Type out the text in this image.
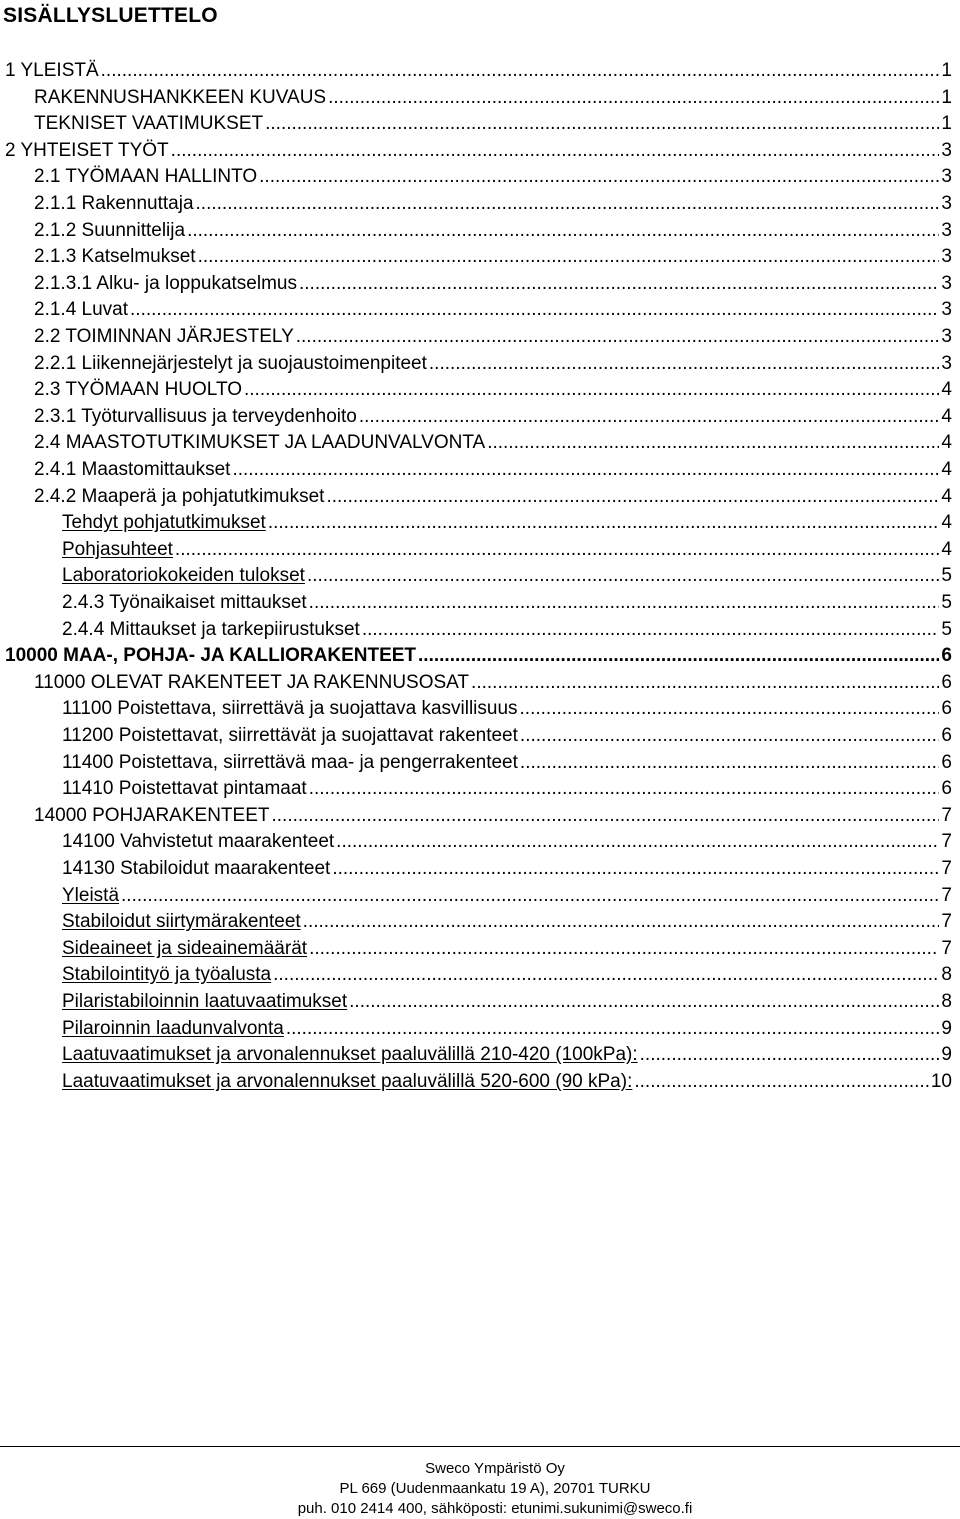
SISÄLLYSLUETTELO
1 YLEISTÄ .....	1
RAKENNUSHANKKEEN KUVAUS .....	1
TEKNISET VAATIMUKSET .....	1
2 YHTEISET TYÖT .....	3
2.1 TYÖMAAN HALLINTO .....	3
2.1.1 Rakennuttaja .....	3
2.1.2 Suunnittelija .....	3
2.1.3 Katselmukset .....	3
2.1.3.1 Alku- ja loppukatselmus .....	3
2.1.4 Luvat .....	3
2.2 TOIMINNAN JÄRJESTELY .....	3
2.2.1 Liikennejärjestelyt ja suojaustoimenpiteet .....	3
2.3 TYÖMAAN HUOLTO .....	4
2.3.1 Työturvallisuus ja terveydenhoito .....	4
2.4 MAASTOTUTKIMUKSET JA LAADUNVALVONTA .....	4
2.4.1 Maastomittaukset .....	4
2.4.2 Maaperä ja pohjatutkimukset .....	4
Tehdyt pohjatutkimukset .....	4
Pohjasuhteet .....	4
Laboratoriokokeiden tulokset .....	5
2.4.3 Työnaikaiset mittaukset .....	5
2.4.4 Mittaukset ja tarkepiirustukset .....	5
10000 MAA-, POHJA- JA KALLIORAKENTEET .....	6
11000 OLEVAT RAKENTEET JA RAKENNUSOSAT .....	6
11100 Poistettava, siirrettävä ja suojattava kasvillisuus .....	6
11200 Poistettavat, siirrettävät ja suojattavat rakenteet .....	6
11400 Poistettava, siirrettävä maa- ja pengerrakenteet .....	6
11410 Poistettavat pintamaat .....	6
14000 POHJARAKENTEET .....	7
14100 Vahvistetut maarakenteet .....	7
14130 Stabiloidut maarakenteet .....	7
Yleistä .....	7
Stabiloidut siirtymärakenteet .....	7
Sideaineet ja sideainemäärät .....	7
Stabilointityö ja työalusta .....	8
Pilaristabiloinnin laatuvaatimukset .....	8
Pilaroinnin laadunvalvonta .....	9
Laatuvaatimukset ja arvonalennukset paaluvälillä 210-420 (100kPa): .....	9
Laatuvaatimukset ja arvonalennukset paaluvälillä 520-600 (90 kPa): .....	10
Sweco Ympäristö Oy
PL 669 (Uudenmaankatu 19 A), 20701 TURKU
puh. 010 2414 400, sähköposti: etunimi.sukunimi@sweco.fi
